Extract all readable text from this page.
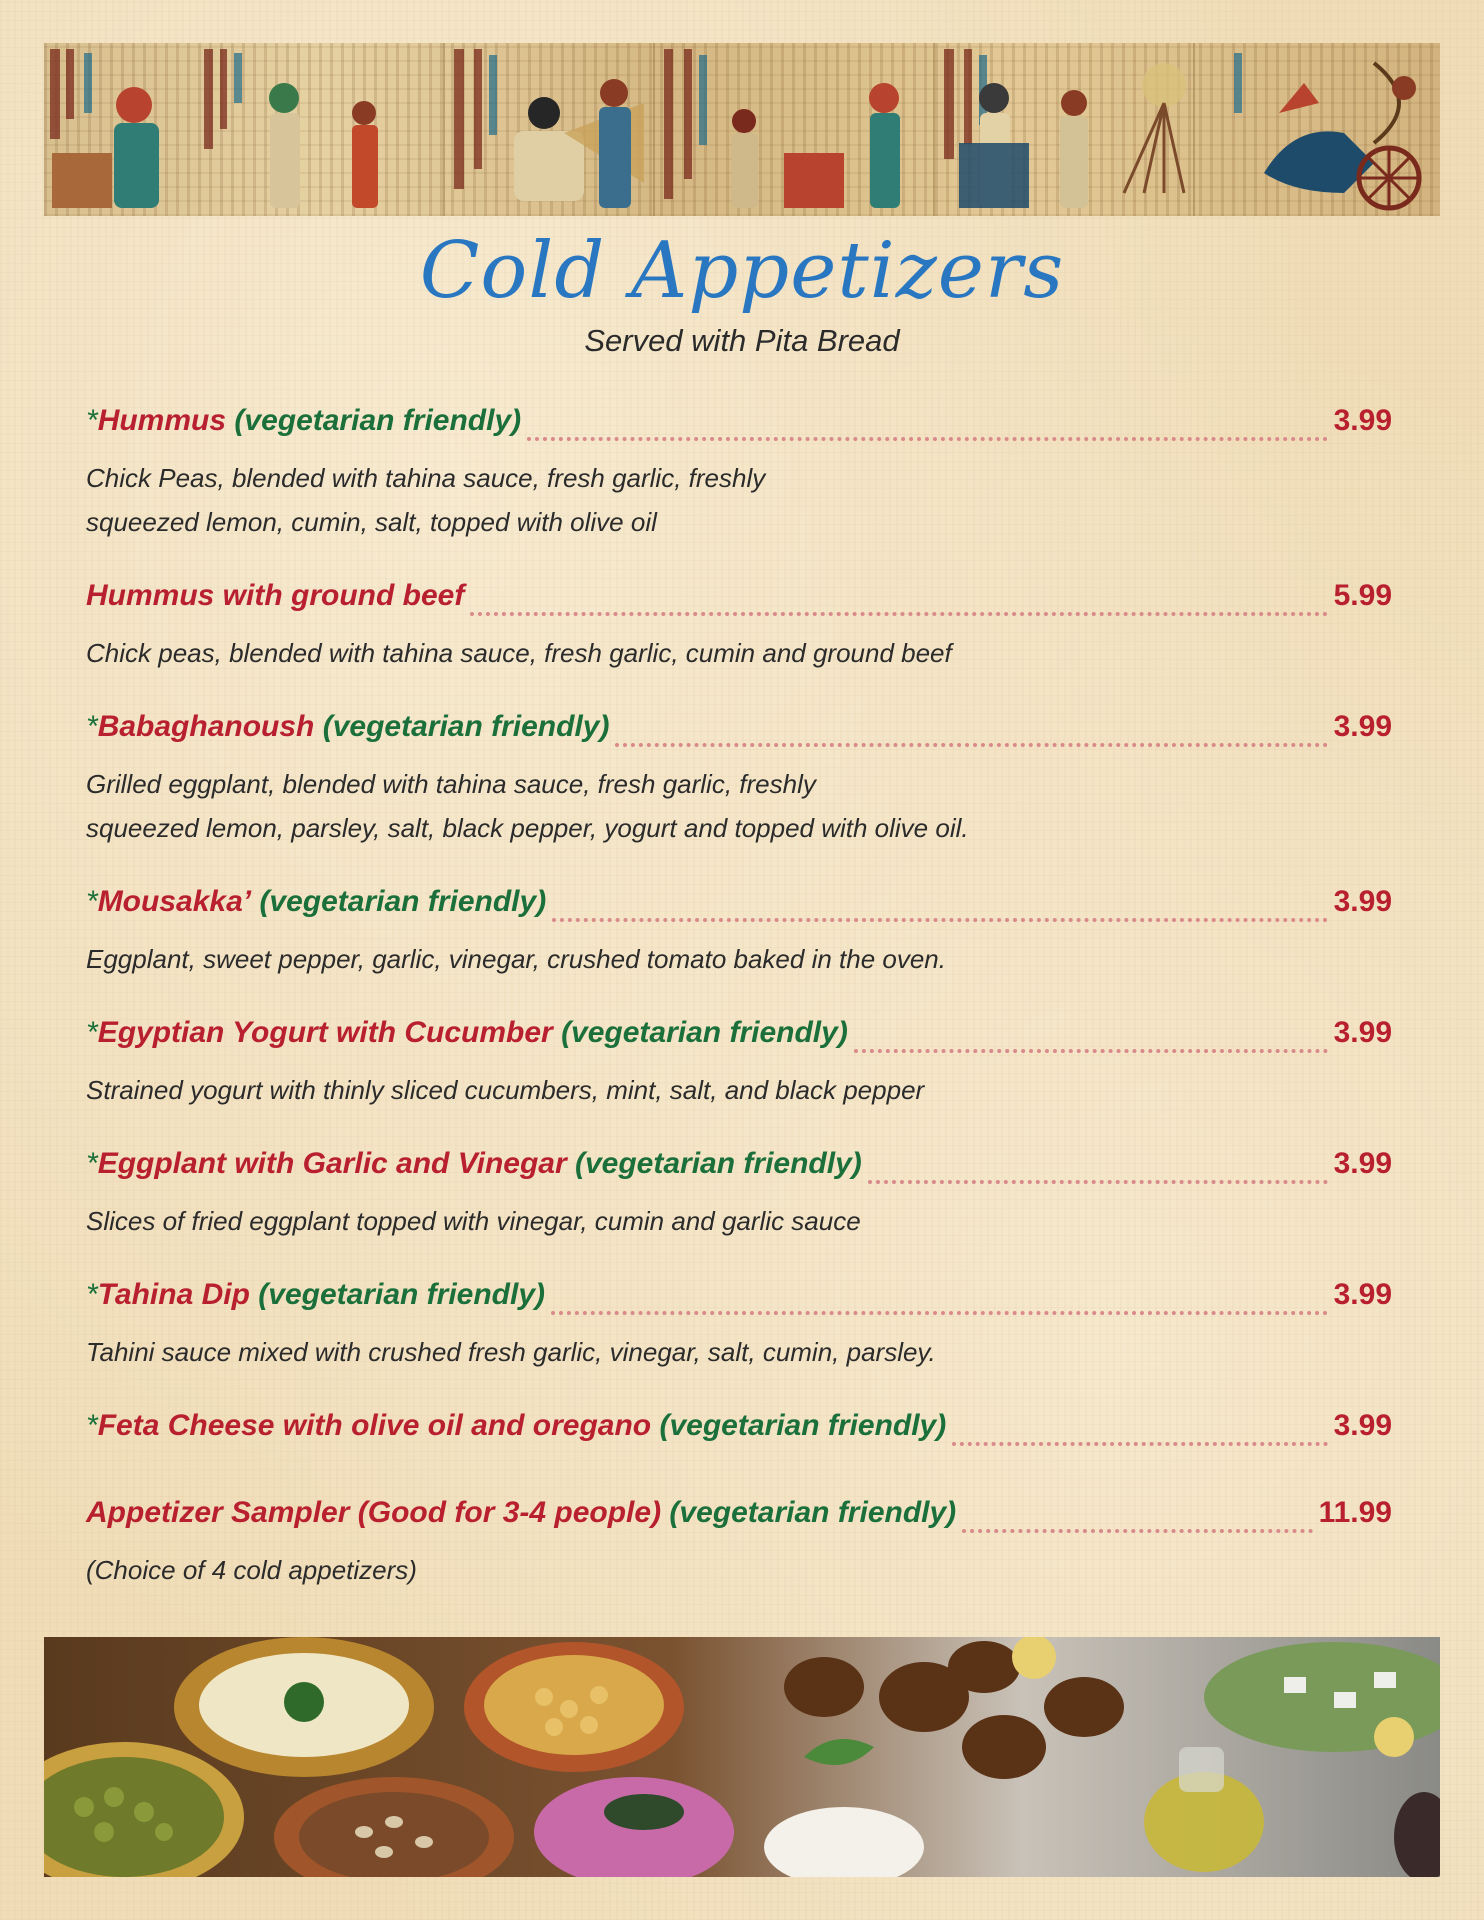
Cold Appetizers
Served with Pita Bread
* Hummus
(vegetarian friendly)	3.99

Chick Peas, blended with tahina sauce, fresh garlic, freshly

squeezed lemon, cumin, salt, topped with olive oil

Hummus with ground beef	5.99

Chick peas, blended with tahina sauce, fresh garlic, cumin and ground beef

* Babaghanoush
(vegetarian friendly)	3.99

Grilled eggplant, blended with tahina sauce, fresh garlic, freshly

squeezed lemon, parsley, salt, black pepper, yogurt and topped with olive oil.

* Mousakka’
(vegetarian friendly)	3.99

Eggplant, sweet pepper, garlic, vinegar, crushed tomato baked in the oven.

* Egyptian Yogurt with Cucumber
(vegetarian friendly)	3.99

Strained yogurt with thinly sliced cucumbers, mint, salt, and black pepper

* Eggplant with Garlic and Vinegar
(vegetarian friendly)	3.99

Slices of fried eggplant topped with vinegar, cumin and garlic sauce

* Tahina Dip
(vegetarian friendly)	3.99

Tahini sauce mixed with crushed fresh garlic, vinegar, salt, cumin, parsley.

* Feta Cheese with olive oil and oregano
(vegetarian friendly)	3.99
Appetizer Sampler (Good for 3-4 people)
(vegetarian friendly)	11.99

(Choice of 4 cold appetizers)
